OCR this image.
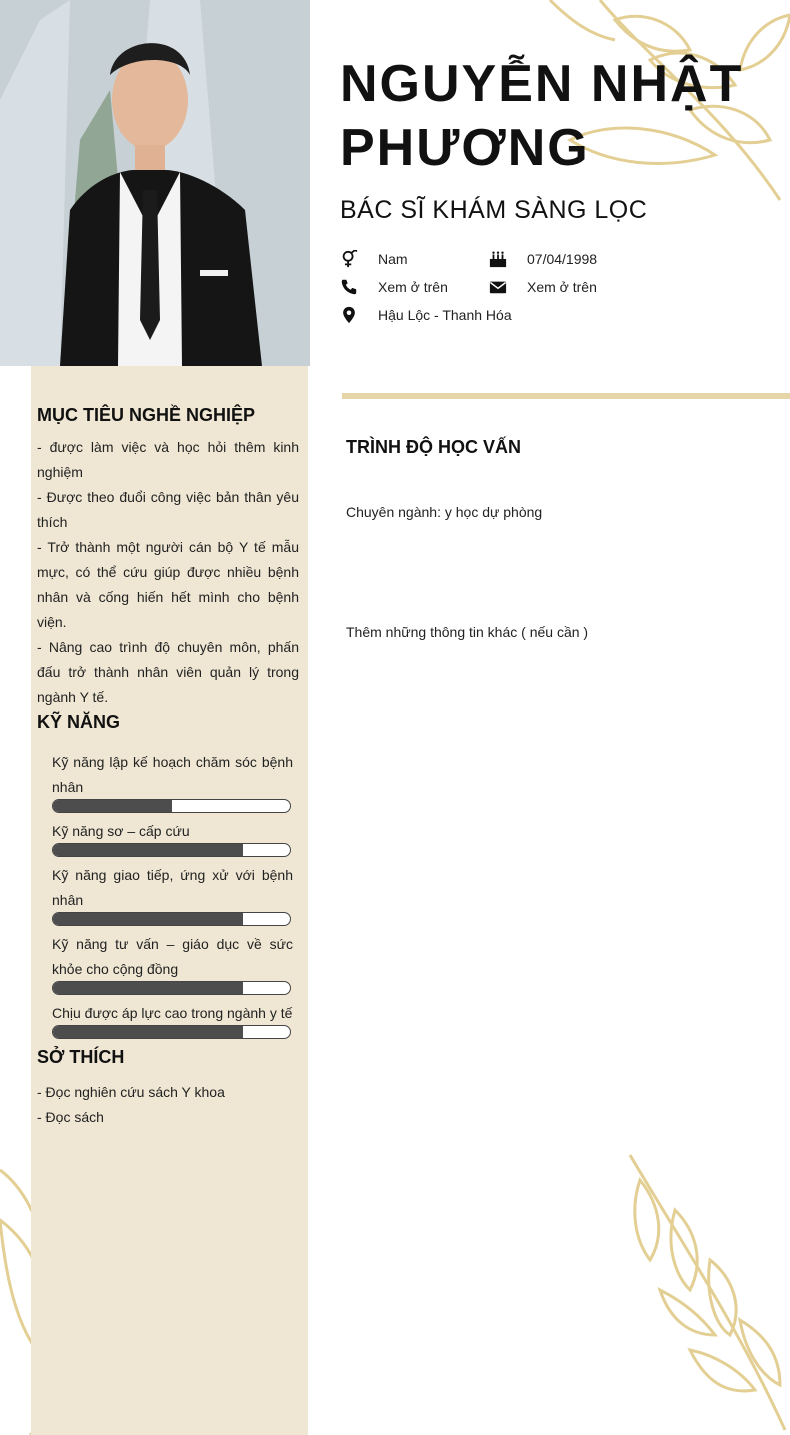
NGUYỄN NHẬT PHƯƠNG
BÁC SĨ KHÁM SÀNG LỌC
Nam	07/04/1998
Xem ở trên	Xem ở trên
Hậu Lộc - Thanh Hóa
MỤC TIÊU NGHỀ NGHIỆP
- được làm việc và học hỏi thêm kinh nghiệm
- Được theo đuổi công việc bản thân yêu thích
- Trở thành một người cán bộ Y tế mẫu mực, có thể cứu giúp được nhiều bệnh nhân và cống hiến hết mình cho bệnh viện.
- Nâng cao trình độ chuyên môn, phấn đấu trở thành nhân viên quản lý trong ngành Y tế.
KỸ NĂNG
Kỹ năng lập kế hoạch chăm sóc bệnh nhân
Kỹ năng sơ – cấp cứu
Kỹ năng giao tiếp, ứng xử với bệnh nhân
Kỹ năng tư vấn – giáo dục về sức khỏe cho cộng đồng
Chịu được áp lực cao trong ngành y tế
SỞ THÍCH
- Đọc nghiên cứu sách Y khoa
- Đọc sách
TRÌNH ĐỘ HỌC VẤN
Chuyên ngành: y học dự phòng
Thêm những thông tin khác ( nếu cần )
